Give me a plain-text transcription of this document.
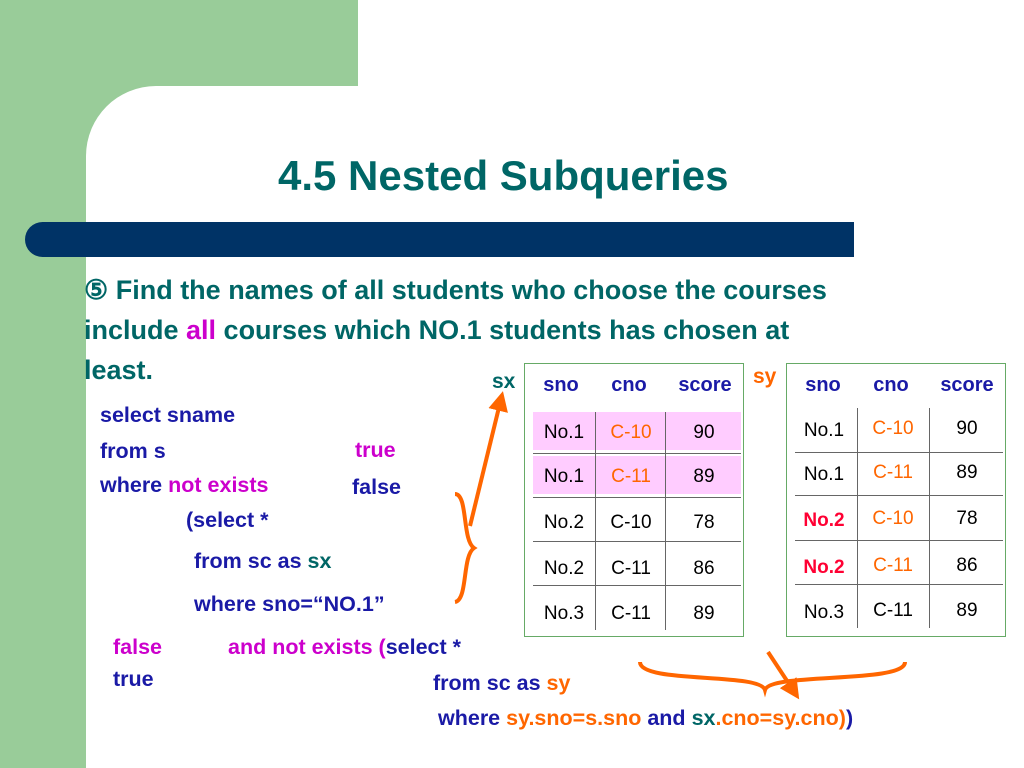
4.5 Nested Subqueries
⑤ Find the names of all students who choose the courses
include all courses which NO.1 students has chosen at
least.
select sname
from s
where not exists
(select *
from sc as sx
where sno=“NO.1”
and not exists (select *
from sc as sy
where sy.sno=s.sno and sx.cno=sy.cno))
true
false
false
true
sx	sy
sno	cno	score
No.1	C-10	90
No.1	C-11	89
No.2	C-10	78
No.2	C-11	86
No.3	C-11	89
sno	cno	score
No.1	C-10	90
No.1	C-11	89
No.2	C-10	78
No.2	C-11	86
No.3	C-11	89
